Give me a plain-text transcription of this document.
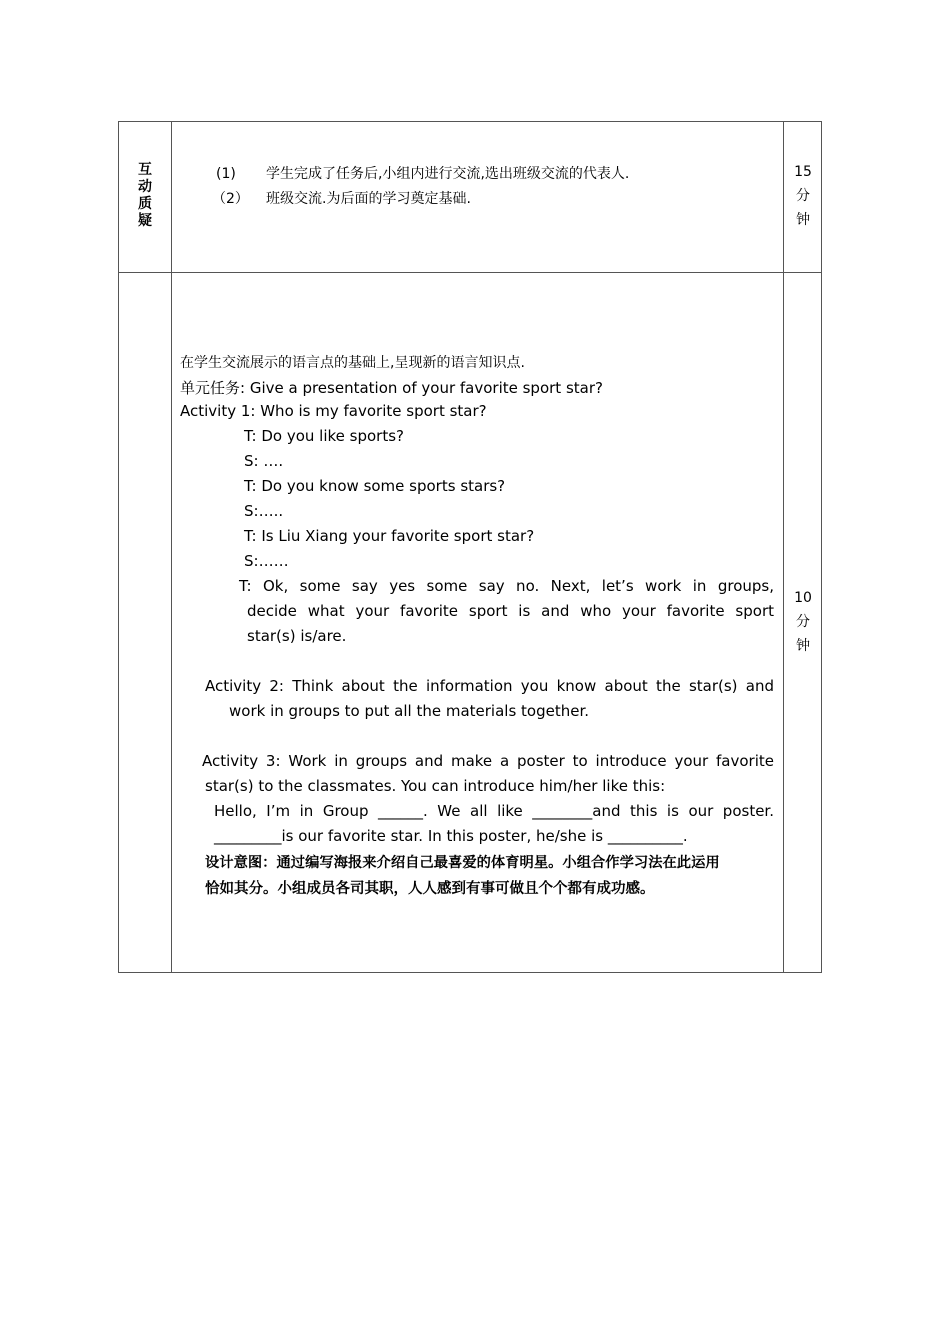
互
动
质
疑
(1) 学生完成了任务后,小组内进行交流,选出班级交流的代表人.
（2） 班级交流.为后面的学习奠定基础.
15
分
钟
在学生交流展示的语言点的基础上,呈现新的语言知识点.
单元任务: Give a presentation of your favorite sport star?
Activity 1: Who is my favorite sport star?
T: Do you like sports?
S: ….
T: Do you know some sports stars?
S:…..
T: Is Liu Xiang your favorite sport star?
S:……
T: Ok, some say yes some say no. Next, let’s work in groups,
decide what your favorite sport is and who your favorite sport
star(s) is/are.
Activity 2: Think about the information you know about the star(s) and
work in groups to put all the materials together.
Activity 3: Work in groups and make a poster to introduce your favorite
star(s) to the classmates. You can introduce him/her like this:
Hello, I’m in Group ______. We all like ________and this is our poster.
_________is our favorite star. In this poster, he/she is __________.
设计意图：通过编写海报来介绍自己最喜爱的体育明星。小组合作学习法在此运用
恰如其分。小组成员各司其职，人人感到有事可做且个个都有成功感。
10
分
钟
